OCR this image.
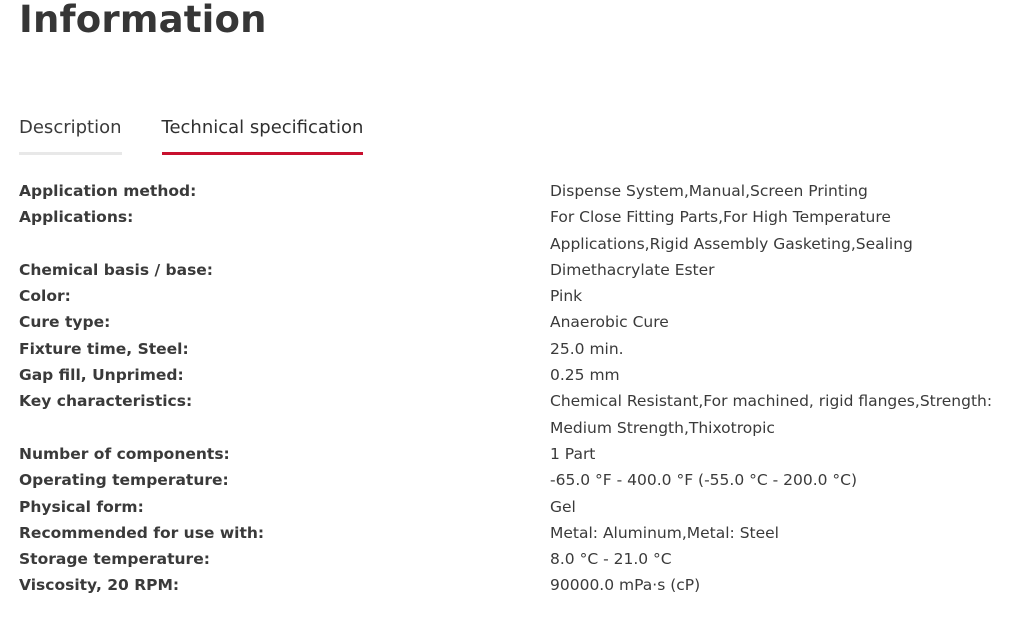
Information
Description Technical specification
Application method:	Dispense System,Manual,Screen Printing
Applications:	For Close Fitting Parts,For High Temperature Applications,Rigid Assembly Gasketing,Sealing
Chemical basis / base:	Dimethacrylate Ester
Color:	Pink
Cure type:	Anaerobic Cure
Fixture time, Steel:	25.0 min.
Gap fill, Unprimed:	0.25 mm
Key characteristics:	Chemical Resistant,For machined, rigid flanges,Strength: Medium Strength,Thixotropic
Number of components:	1 Part
Operating temperature:	-65.0 °F - 400.0 °F (-55.0 °C - 200.0 °C)
Physical form:	Gel
Recommended for use with:	Metal: Aluminum,Metal: Steel
Storage temperature:	8.0 °C - 21.0 °C
Viscosity, 20 RPM:	90000.0 mPa·s (cP)
